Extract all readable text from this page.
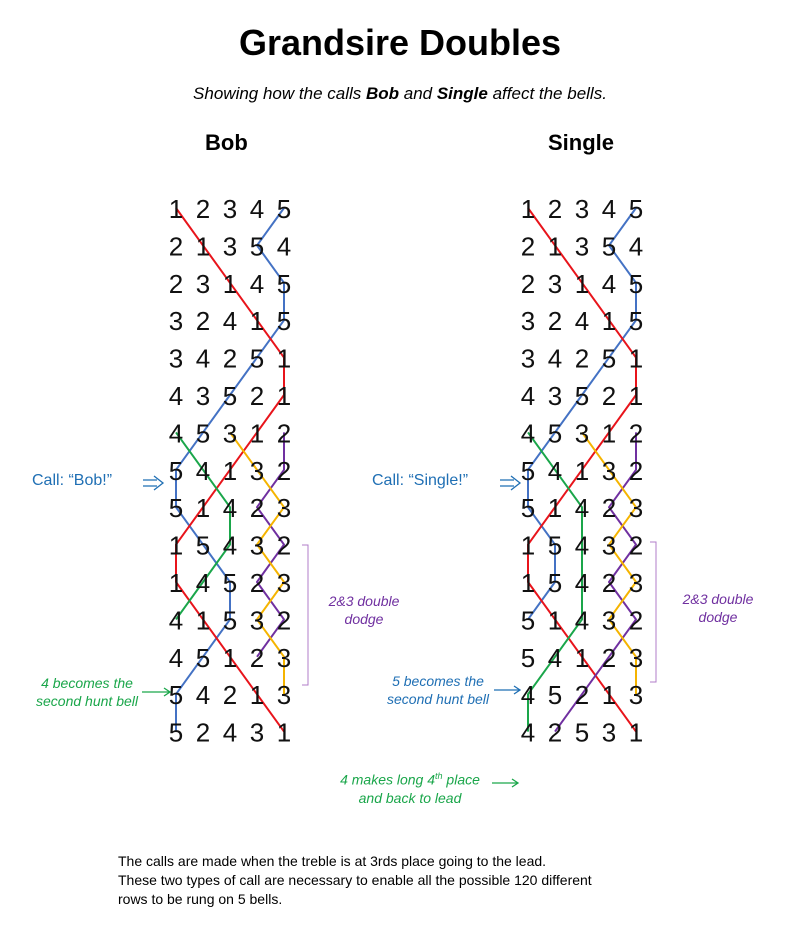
Grandsire Doubles
Showing how the calls Bob and Single affect the bells.
Bob	Single
1 2 3 4 5
2 1 3 5 4
2 3 1 4 5
3 2 4 1 5
3 4 2 5 1
4 3 5 2 1
4 5 3 1 2
5 4 1 3 2
5 1 4 2 3
1 5 4 3 2
1 4 5 2 3
4 1 5 3 2
4 5 1 2 3
5 4 2 1 3
5 2 4 3 1
1 2 3 4 5
2 1 3 5 4
2 3 1 4 5
3 2 4 1 5
3 4 2 5 1
4 3 5 2 1
4 5 3 1 2
5 4 1 3 2
5 1 4 2 3
1 5 4 3 2
1 5 4 2 3
5 1 4 3 2
5 4 1 2 3
4 5 2 1 3
4 2 5 3 1
Call: “Bob!”	Call: “Single!”
2&3 double
dodge
2&3 double
dodge
4 becomes the
second hunt bell
5 becomes the
second hunt bell
4 makes long 4th place
and back to lead
The calls are made when the treble is at 3rds place going to the lead.
These two types of call are necessary to enable all the possible 120 different
rows to be rung on 5 bells.
